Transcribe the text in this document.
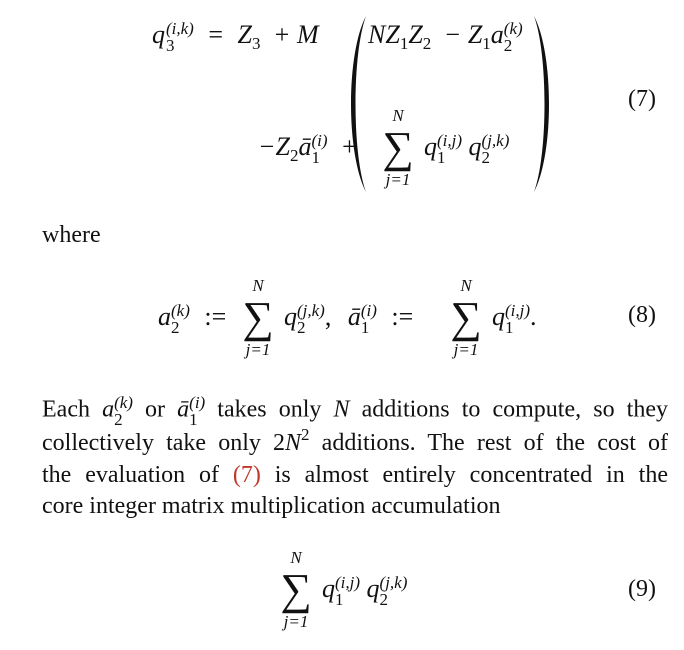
q (i,k)
3	= $Z_3 + M$ $NZ_1Z_2 - Z_1a$ (k)
2
(7)
$-Z_2ā$ (i)
1 +
N
∑
j=1
q (i,j)
1 q (j,k)
2
where
a (k)
2 :=
N
∑
j=1
q (j,k)
2 , ā (i)
1 :=
N
∑
j=1
q (i,j)
1 .	(8)
Each a (k)
2 or ā (i)
1 takes only N additions to compute, so they
collectively take only $2N^2$ additions. The rest of the cost of
the evaluation of (7) is almost entirely concentrated in the
core integer matrix multiplication accumulation
N
∑
j=1
q (i,j)
1 q (j,k)
2	(9)
